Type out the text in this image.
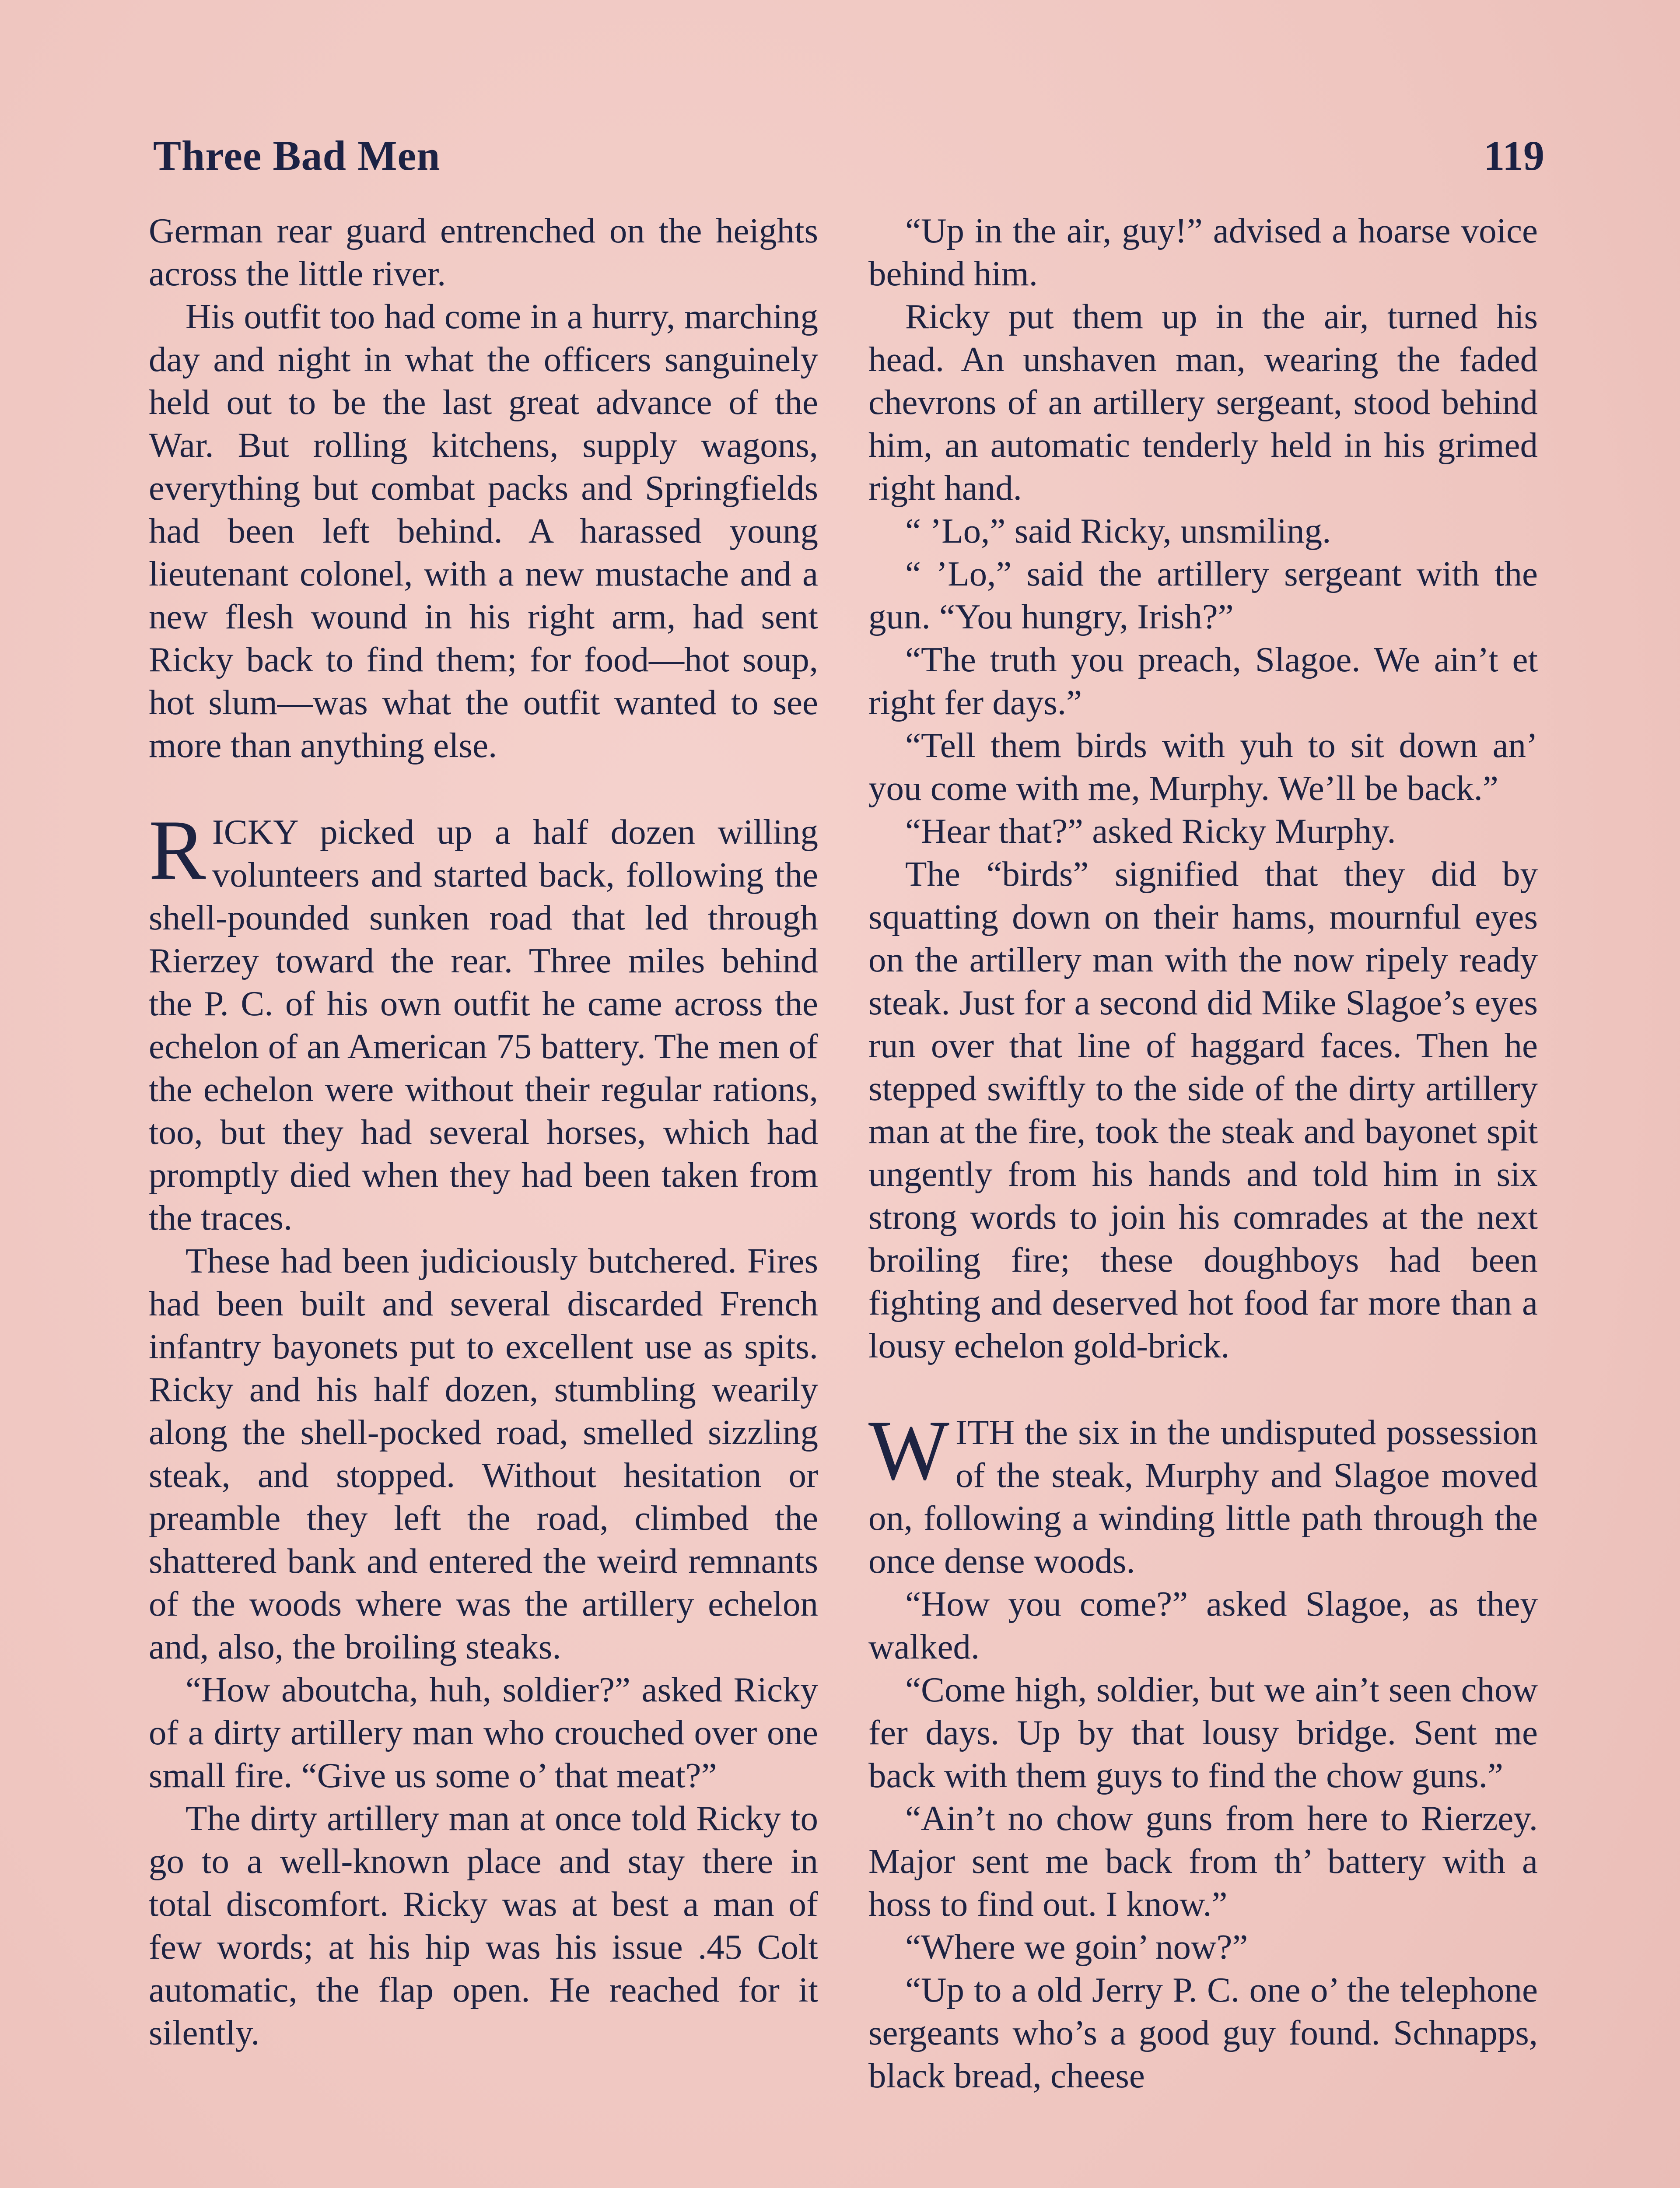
Three Bad Men	119

German rear guard entrenched on the heights across the little river.

His outfit too had come in a hurry, marching day and night in what the officers sanguinely held out to be the last great advance of the War. But rolling kitchens, supply wagons, everything but combat packs and Springfields had been left behind. A harassed young lieutenant colonel, with a new mustache and a new flesh wound in his right arm, had sent Ricky back to find them; for food—hot soup, hot slum—was what the outfit wanted to see more than anything else.

RICKY picked up a half dozen willing volunteers and started back, following the shell-pounded sunken road that led through Rierzey toward the rear. Three miles behind the P. C. of his own outfit he came across the echelon of an American 75 battery. The men of the echelon were without their regular rations, too, but they had several horses, which had promptly died when they had been taken from the traces.

These had been judiciously butchered. Fires had been built and several discarded French infantry bayonets put to excellent use as spits. Ricky and his half dozen, stumbling wearily along the shell-pocked road, smelled sizzling steak, and stopped. Without hesitation or preamble they left the road, climbed the shattered bank and entered the weird remnants of the woods where was the artillery echelon and, also, the broiling steaks.

“How aboutcha, huh, soldier?” asked Ricky of a dirty artillery man who crouched over one small fire. “Give us some o’ that meat?”

The dirty artillery man at once told Ricky to go to a well-known place and stay there in total discomfort. Ricky was at best a man of few words; at his hip was his issue .45 Colt automatic, the flap open. He reached for it silently.

“Up in the air, guy!” advised a hoarse voice behind him.

Ricky put them up in the air, turned his head. An unshaven man, wearing the faded chevrons of an artillery sergeant, stood behind him, an automatic tenderly held in his grimed right hand.

“ ’Lo,” said Ricky, unsmiling.

“ ’Lo,” said the artillery sergeant with the gun. “You hungry, Irish?”

“The truth you preach, Slagoe. We ain’t et right fer days.”

“Tell them birds with yuh to sit down an’ you come with me, Murphy. We’ll be back.”

“Hear that?” asked Ricky Murphy.

The “birds” signified that they did by squatting down on their hams, mournful eyes on the artillery man with the now ripely ready steak. Just for a second did Mike Slagoe’s eyes run over that line of haggard faces. Then he stepped swiftly to the side of the dirty artillery man at the fire, took the steak and bayonet spit ungently from his hands and told him in six strong words to join his comrades at the next broiling fire; these doughboys had been fighting and deserved hot food far more than a lousy echelon gold-brick.

WITH the six in the undisputed possession of the steak, Murphy and Slagoe moved on, following a winding little path through the once dense woods.

“How you come?” asked Slagoe, as they walked.

“Come high, soldier, but we ain’t seen chow fer days. Up by that lousy bridge. Sent me back with them guys to find the chow guns.”

“Ain’t no chow guns from here to Rierzey. Major sent me back from th’ battery with a hoss to find out. I know.”

“Where we goin’ now?”

“Up to a old Jerry P. C. one o’ the telephone sergeants who’s a good guy found. Schnapps, black bread, cheese
